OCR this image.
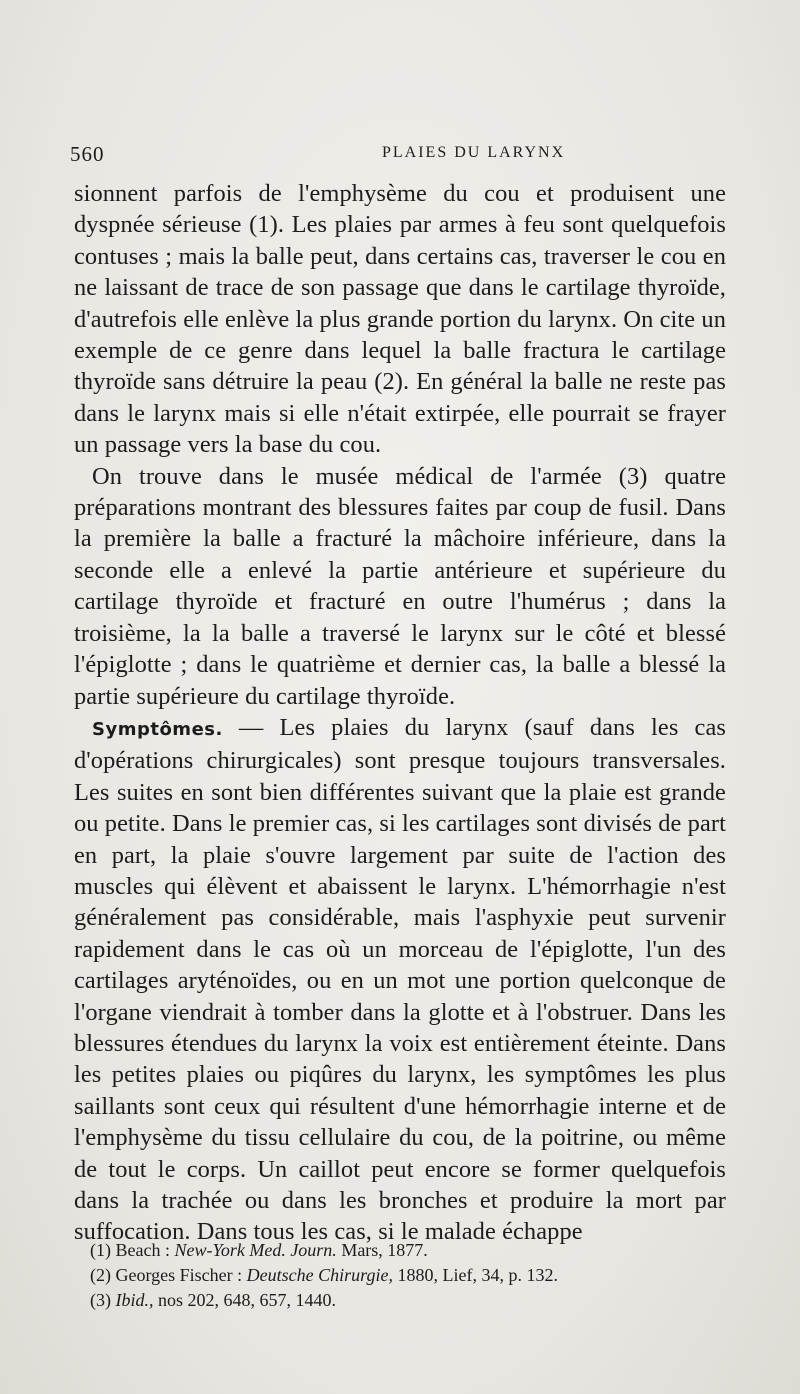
560	PLAIES DU LARYNX

sionnent parfois de l'emphysème du cou et produisent une dyspnée sérieuse (1). Les plaies par armes à feu sont quelquefois contuses ; mais la balle peut, dans certains cas, traverser le cou en ne laissant de trace de son passage que dans le cartilage thyroïde, d'autrefois elle enlève la plus grande portion du larynx. On cite un exemple de ce genre dans lequel la balle fractura le cartilage thyroïde sans détruire la peau (2). En général la balle ne reste pas dans le larynx mais si elle n'était extirpée, elle pourrait se frayer un passage vers la base du cou.

On trouve dans le musée médical de l'armée (3) quatre préparations montrant des blessures faites par coup de fusil. Dans la première la balle a fracturé la mâchoire inférieure, dans la seconde elle a enlevé la partie antérieure et supérieure du cartilage thyroïde et fracturé en outre l'humérus ; dans la troisième, la la balle a traversé le larynx sur le côté et blessé l'épiglotte ; dans le quatrième et dernier cas, la balle a blessé la partie supérieure du cartilage thyroïde.

Symptômes. — Les plaies du larynx (sauf dans les cas d'opérations chirurgicales) sont presque toujours transversales. Les suites en sont bien différentes suivant que la plaie est grande ou petite. Dans le premier cas, si les cartilages sont divisés de part en part, la plaie s'ouvre largement par suite de l'action des muscles qui élèvent et abaissent le larynx. L'hémorrhagie n'est généralement pas considérable, mais l'asphyxie peut survenir rapidement dans le cas où un morceau de l'épiglotte, l'un des cartilages aryténoïdes, ou en un mot une portion quelconque de l'organe viendrait à tomber dans la glotte et à l'obstruer. Dans les blessures étendues du larynx la voix est entièrement éteinte. Dans les petites plaies ou piqûres du larynx, les symptômes les plus saillants sont ceux qui résultent d'une hémorrhagie interne et de l'emphysème du tissu cellulaire du cou, de la poitrine, ou même de tout le corps. Un caillot peut encore se former quelquefois dans la trachée ou dans les bronches et produire la mort par suffocation. Dans tous les cas, si le malade échappe

(1) Beach : New-York Med. Journ. Mars, 1877.
(2) Georges Fischer : Deutsche Chirurgie, 1880, Lief, 34, p. 132.
(3) Ibid., nos 202, 648, 657, 1440.
